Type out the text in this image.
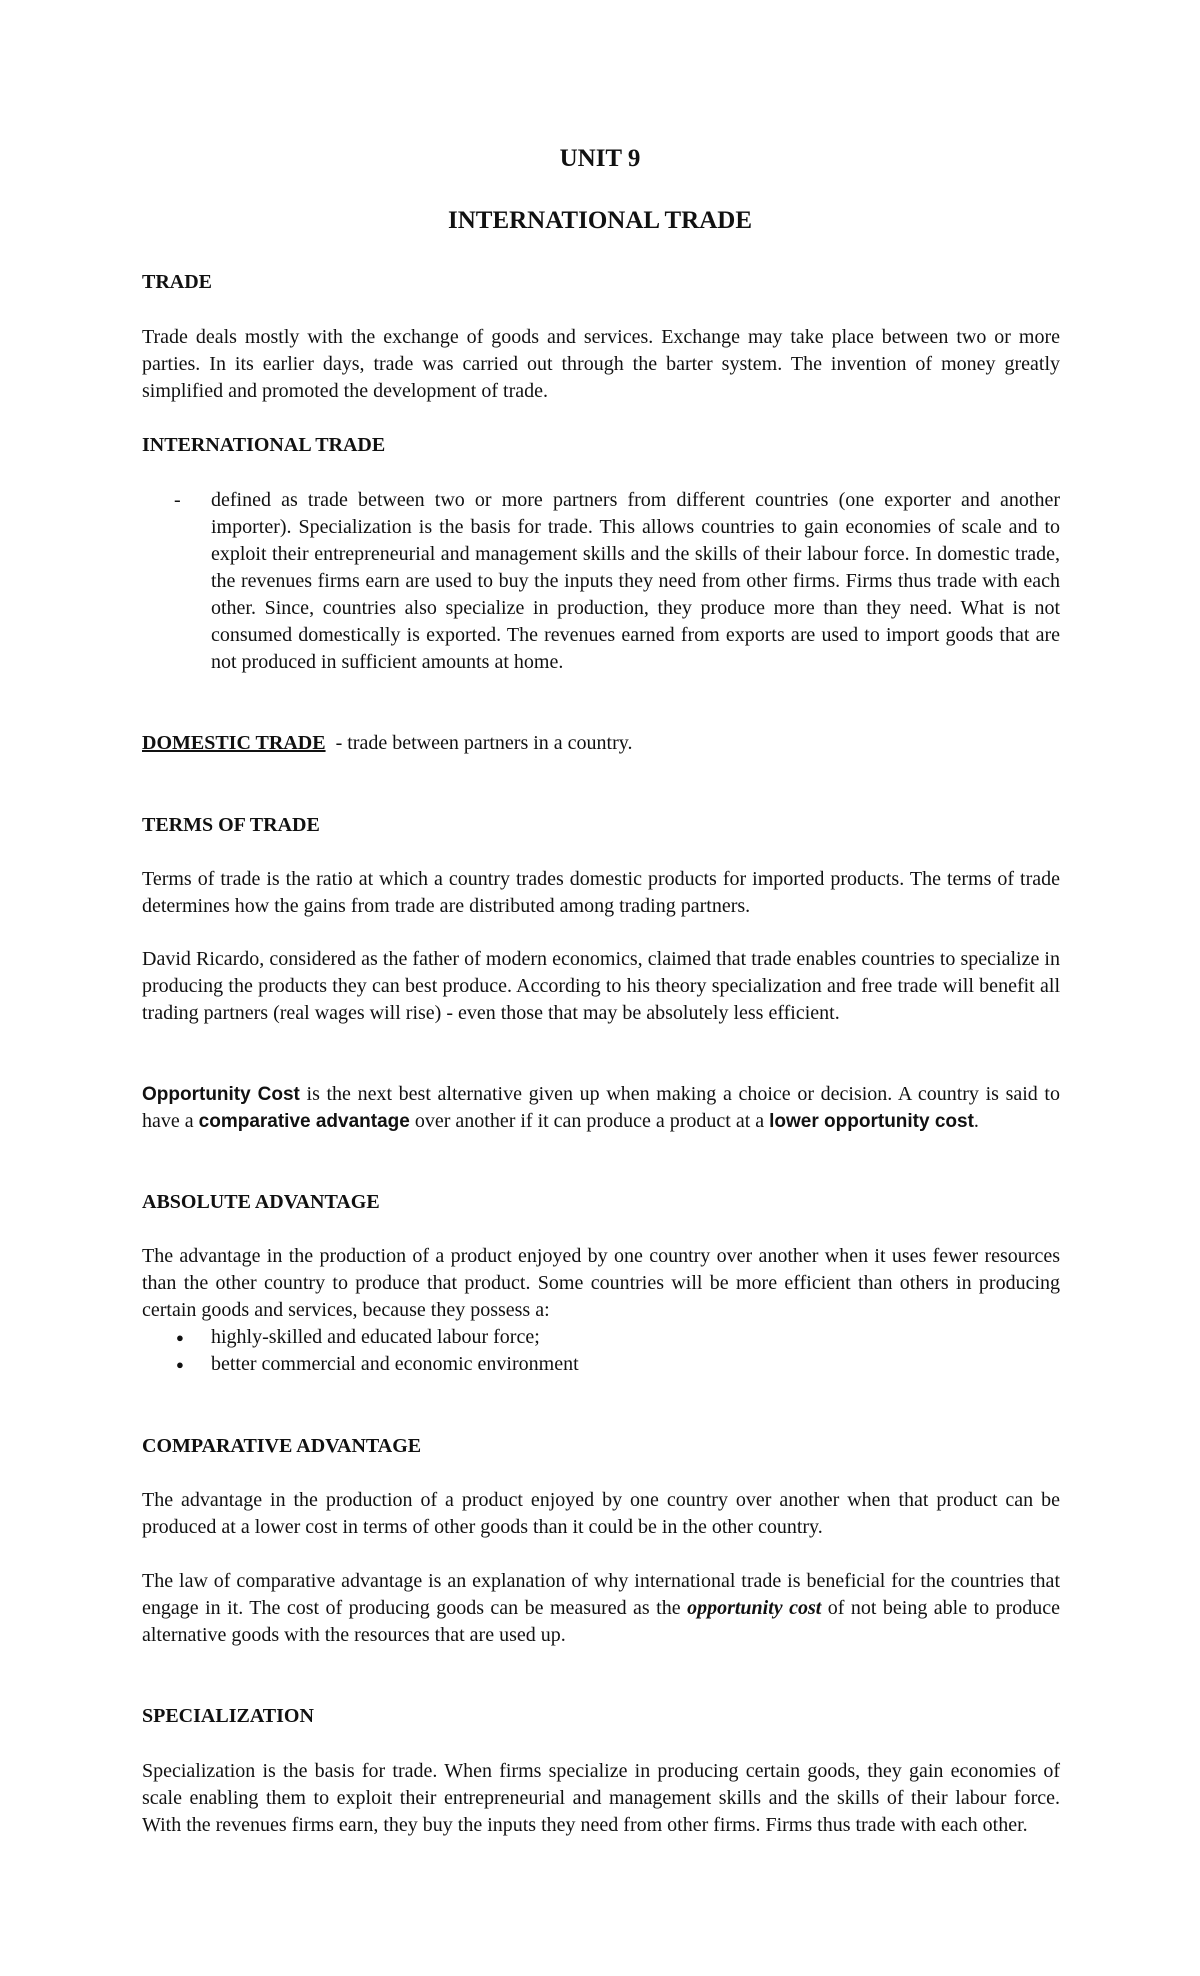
UNIT 9
INTERNATIONAL TRADE
TRADE

Trade deals mostly with the exchange of goods and services. Exchange may take place between two or more parties. In its earlier days, trade was carried out through the barter system. The invention of money greatly simplified and promoted the development of trade.

INTERNATIONAL TRADE
- defined as trade between two or more partners from different countries (one exporter and another importer). Specialization is the basis for trade. This allows countries to gain economies of scale and to exploit their entrepreneurial and management skills and the skills of their labour force. In domestic trade, the revenues firms earn are used to buy the inputs they need from other firms. Firms thus trade with each other. Since, countries also specialize in production, they produce more than they need. What is not consumed domestically is exported. The revenues earned from exports are used to import goods that are not produced in sufficient amounts at home.

DOMESTIC TRADE - trade between partners in a country.

TERMS OF TRADE

Terms of trade is the ratio at which a country trades domestic products for imported products. The terms of trade determines how the gains from trade are distributed among trading partners.

David Ricardo, considered as the father of modern economics, claimed that trade enables countries to specialize in producing the products they can best produce. According to his theory specialization and free trade will benefit all trading partners (real wages will rise) - even those that may be absolutely less efficient.

Opportunity Cost is the next best alternative given up when making a choice or decision. A country is said to have a comparative advantage over another if it can produce a product at a lower opportunity cost.

ABSOLUTE ADVANTAGE

The advantage in the production of a product enjoyed by one country over another when it uses fewer resources than the other country to produce that product. Some countries will be more efficient than others in producing certain goods and services, because they possess a:

● highly-skilled and educated labour force;

● better commercial and economic environment

COMPARATIVE ADVANTAGE

The advantage in the production of a product enjoyed by one country over another when that product can be produced at a lower cost in terms of other goods than it could be in the other country.

The law of comparative advantage is an explanation of why international trade is beneficial for the countries that engage in it. The cost of producing goods can be measured as the opportunity cost of not being able to produce alternative goods with the resources that are used up.

SPECIALIZATION

Specialization is the basis for trade. When firms specialize in producing certain goods, they gain economies of scale enabling them to exploit their entrepreneurial and management skills and the skills of their labour force. With the revenues firms earn, they buy the inputs they need from other firms. Firms thus trade with each other.
